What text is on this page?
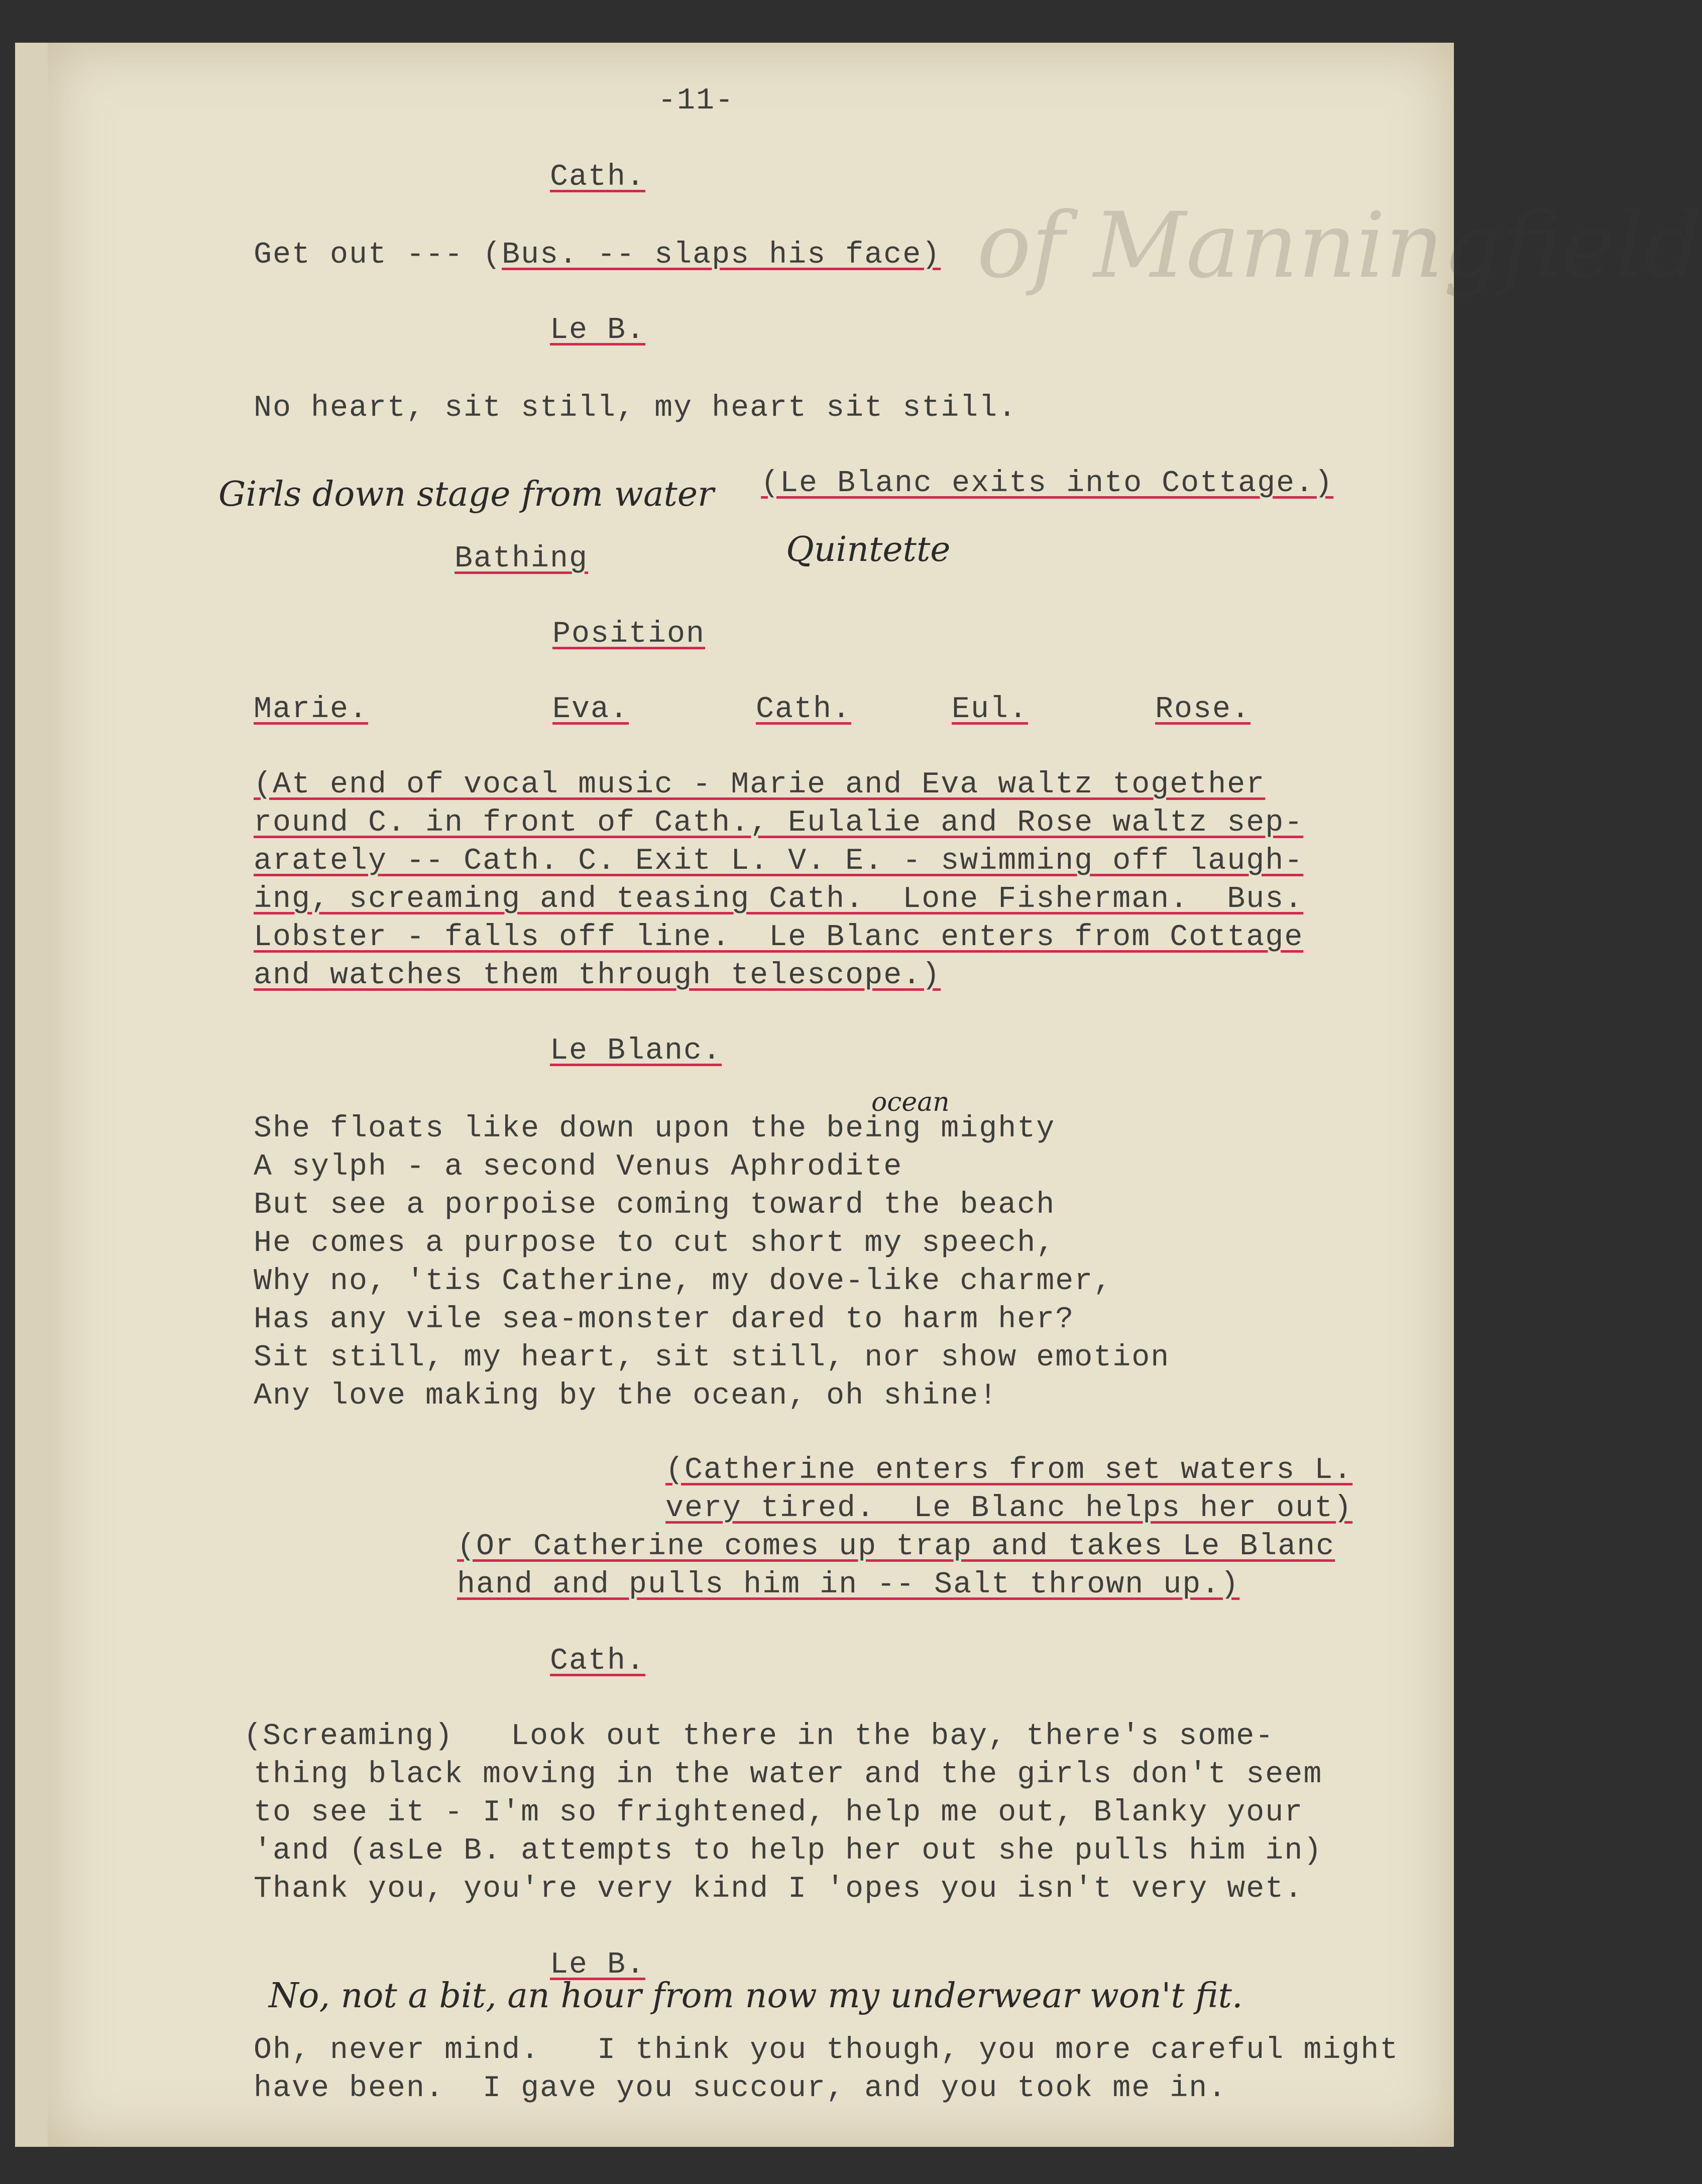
of Manningfield
-11-
Cath.
Get out --- (Bus. -- slaps his face)
Le B.
No heart, sit still, my heart sit still.
(Le Blanc exits into Cottage.)
Girls down stage from water
Bathing	Quintette
Position
Marie.	Eva.	Cath.	Eul.	Rose.
(At end of vocal music - Marie and Eva waltz together
round C. in front of Cath., Eulalie and Rose waltz sep-
arately -- Cath. C. Exit L. V. E. - swimming off laugh-
ing, screaming and teasing Cath.  Lone Fisherman.  Bus.
Lobster - falls off line.  Le Blanc enters from Cottage
and watches them through telescope.)
Le Blanc.
ocean
She floats like down upon the being mighty
A sylph - a second Venus Aphrodite
But see a porpoise coming toward the beach
He comes a purpose to cut short my speech,
Why no, 'tis Catherine, my dove-like charmer,
Has any vile sea-monster dared to harm her?
Sit still, my heart, sit still, nor show emotion
Any love making by the ocean, oh shine!
(Catherine enters from set waters L.
very tired.  Le Blanc helps her out)
(Or Catherine comes up trap and takes Le Blanc
hand and pulls him in -- Salt thrown up.)
Cath.
(Screaming)   Look out there in the bay, there's some-
thing black moving in the water and the girls don't seem
to see it - I'm so frightened, help me out, Blanky your
'and (asLe B. attempts to help her out she pulls him in)
Thank you, you're very kind I 'opes you isn't very wet.
Le B.
No, not a bit, an hour from now my underwear won't fit.
Oh, never mind.   I think you though, you more careful might
have been.  I gave you succour, and you took me in.
